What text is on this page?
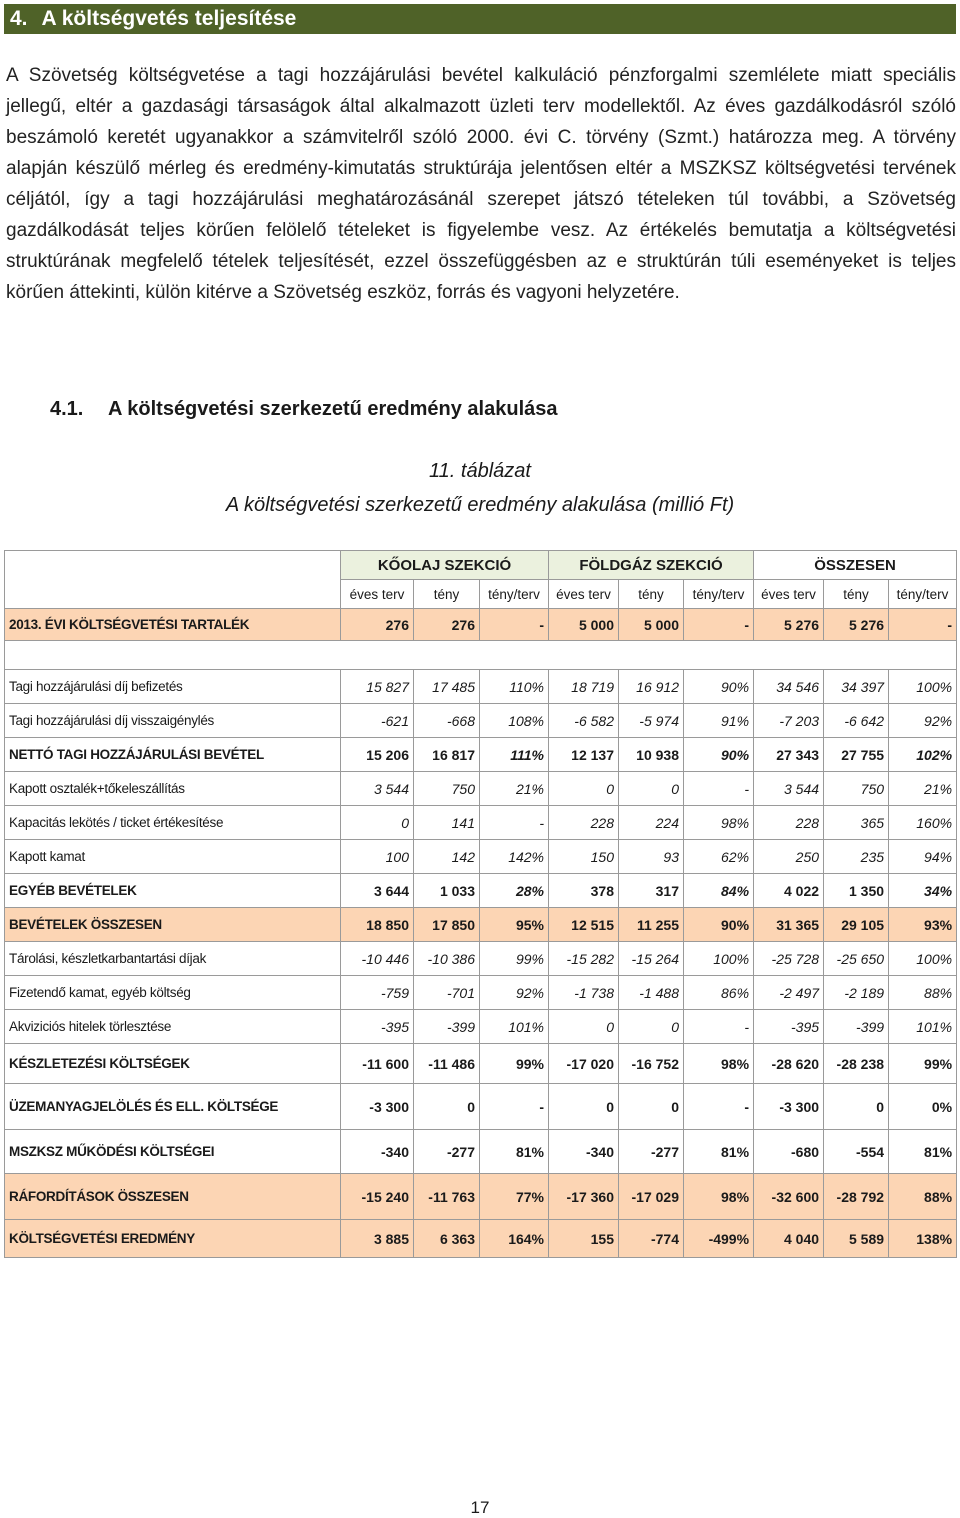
4. A költségvetés teljesítése

A Szövetség költségvetése a tagi hozzájárulási bevétel kalkuláció pénzforgalmi szemlélete miatt speciális jellegű, eltér a gazdasági társaságok által alkalmazott üzleti terv modellektől. Az éves gazdálkodásról szóló beszámoló keretét ugyanakkor a számvitelről szóló 2000. évi C. törvény (Szmt.) határozza meg. A törvény alapján készülő mérleg és eredmény-kimutatás struktúrája jelentősen eltér a MSZKSZ költségvetési tervének céljától, így a tagi hozzájárulási meghatározásánál szerepet játszó tételeken túl további, a Szövetség gazdálkodását teljes körűen felölelő tételeket is figyelembe vesz. Az értékelés bemutatja a költségvetési struktúrának megfelelő tételek teljesítését, ezzel összefüggésben az e struktúrán túli eseményeket is teljes körűen áttekinti, külön kitérve a Szövetség eszköz, forrás és vagyoni helyzetére.

4.1. A költségvetési szerkezetű eredmény alakulása
11. táblázat
A költségvetési szerkezetű eredmény alakulása (millió Ft)
	KŐOLAJ SZEKCIÓ			FÖLDGÁZ SZEKCIÓ			ÖSSZESEN		
	éves terv	tény	tény/terv	éves terv	tény	tény/terv	éves terv	tény	tény/terv
2013. ÉVI KÖLTSÉGVETÉSI TARTALÉK	276	276	-	5 000	5 000	-	5 276	5 276	-

Tagi hozzájárulási díj befizetés	15 827	17 485	110%	18 719	16 912	90%	34 546	34 397	100%
Tagi hozzájárulási díj visszaigénylés	-621	-668	108%	-6 582	-5 974	91%	-7 203	-6 642	92%
NETTÓ TAGI HOZZÁJÁRULÁSI BEVÉTEL	15 206	16 817	111%	12 137	10 938	90%	27 343	27 755	102%
Kapott osztalék+tőkeleszállítás	3 544	750	21%	0	0	-	3 544	750	21%
Kapacitás lekötés / ticket értékesítése	0	141	-	228	224	98%	228	365	160%
Kapott kamat	100	142	142%	150	93	62%	250	235	94%
EGYÉB BEVÉTELEK	3 644	1 033	28%	378	317	84%	4 022	1 350	34%
BEVÉTELEK ÖSSZESEN	18 850	17 850	95%	12 515	11 255	90%	31 365	29 105	93%
Tárolási, készletkarbantartási díjak	-10 446	-10 386	99%	-15 282	-15 264	100%	-25 728	-25 650	100%
Fizetendő kamat, egyéb költség	-759	-701	92%	-1 738	-1 488	86%	-2 497	-2 189	88%
Akviziciós hitelek törlesztése	-395	-399	101%	0	0	-	-395	-399	101%
KÉSZLETEZÉSI KÖLTSÉGEK	-11 600	-11 486	99%	-17 020	-16 752	98%	-28 620	-28 238	99%
ÜZEMANYAGJELÖLÉS ÉS ELL. KÖLTSÉGE	-3 300	0	-	0	0	-	-3 300	0	0%
MSZKSZ MŰKÖDÉSI KÖLTSÉGEI	-340	-277	81%	-340	-277	81%	-680	-554	81%
RÁFORDÍTÁSOK ÖSSZESEN	-15 240	-11 763	77%	-17 360	-17 029	98%	-32 600	-28 792	88%
KÖLTSÉGVETÉSI EREDMÉNY	3 885	6 363	164%	155	-774	-499%	4 040	5 589	138%
17
